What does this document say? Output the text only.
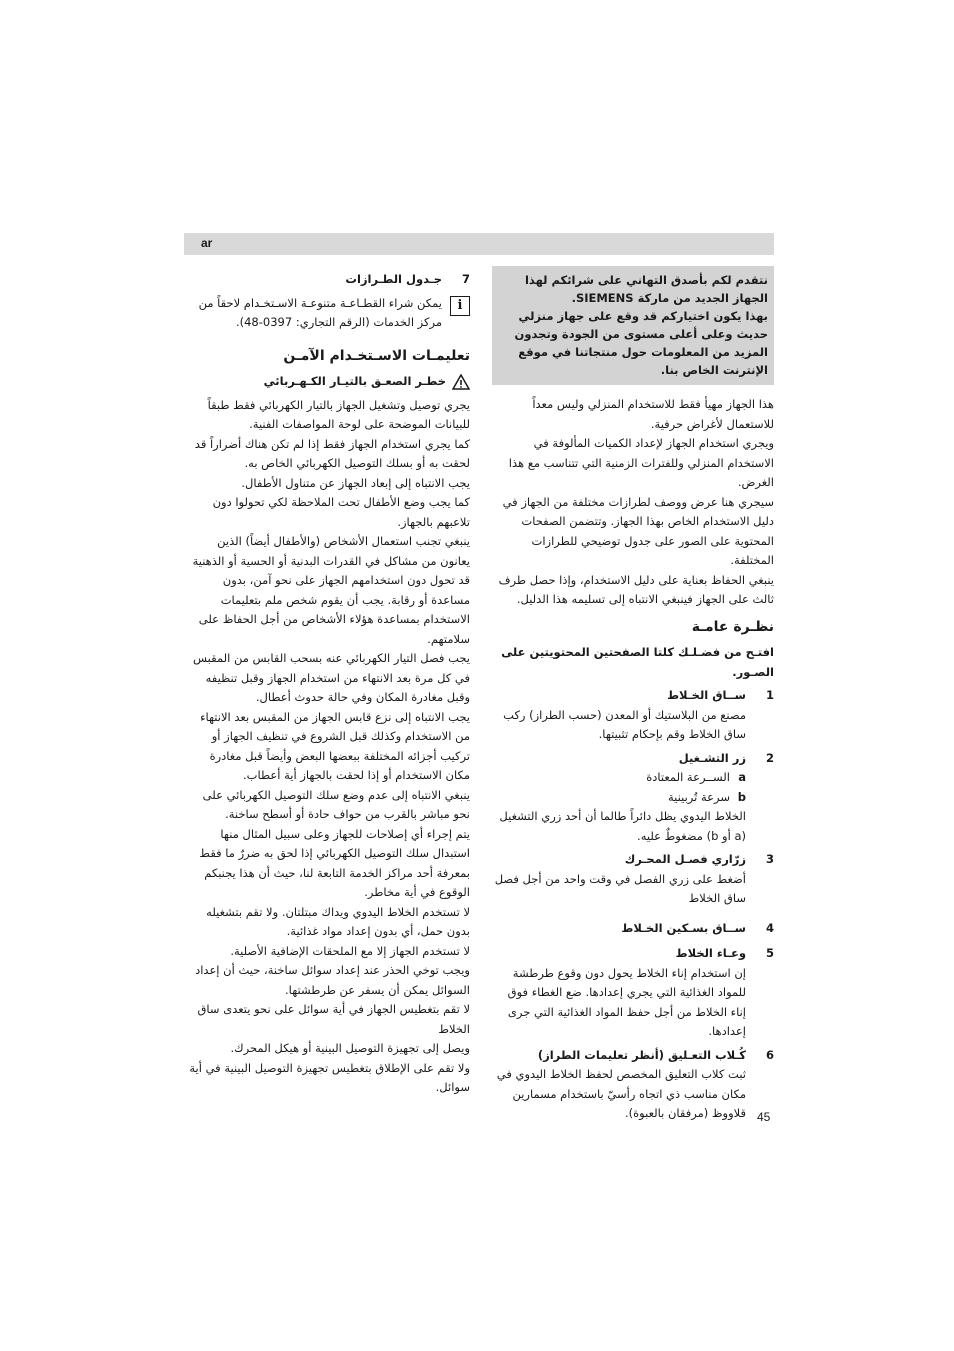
ar

نتقدم لكم بأصدق التهاني على شرائكم لهذا الجهاز الجديد من ماركة SIEMENS.

بهذا يكون اختياركم قد وقع على جهاز منزلي حديث وعلى أعلى مستوى من الجودة وتجدون المزيد من المعلومات حول منتجاتنا في موقع الإنترنت الخاص بنا.

هذا الجهاز مهيأ فقط للاستخدام المنزلي وليس معداً للاستعمال لأغراض حرفية.

ويجري استخدام الجهاز لإعداد الكميات المألوفة في الاستخدام المنزلي وللفترات الزمنية التي تتناسب مع هذا الغرض.

سيجري هنا عرض ووصف لطرازات مختلفة من الجهاز في دليل الاستخدام الخاص بهذا الجهاز. وتتضمن الصفحات المحتوية على الصور على جدول توضيحي للطرازات المختلفة.

ينبغي الحفاظ بعناية على دليل الاستخدام، وإذا حصل طرف ثالث على الجهاز فينبغي الانتباه إلى تسليمه هذا الدليل.

نظـرة عامـة

افتـح من فضـلـك كلتا الصفحتين المحتويتين على الصـور.

1
ســاق الخـلاط

مصنع من البلاستيك أو المعدن (حسب الطراز) ركب ساق الخلاط وقم بإحكام تثبيتها.

2
زر التشـغيل
a
الســرعة المعتادة
b
سرعة تُربينية

الخلاط اليدوي يظل دائراً طالما أن أحد زري التشغيل (a أو b) مضغوطٌ عليه.

3
زرّاري فصـل المحـرك

أضغط على زري الفصل في وقت واحد من أجل فصل ساق الخلاط

4
ســاق بسـكين الخـلاط
5
وعـاء الخلاط

إن استخدام إناء الخلاط يحول دون وقوع طرطشة للمواد الغذائية التي يجري إعدادها. ضع الغطاء فوق إناء الخلاط من أجل حفظ المواد الغذائية التي جرى إعدادها.

6
كُـلاب التعـليق (أنظر تعليمات الطراز)

ثبت كلاب التعليق المخصص لحفظ الخلاط اليدوي في مكان مناسب ذي اتجاه رأسيّ باستخدام مسمارين قلاووظ (مرفقان بالعبوة).

7
جـدول الطـرازات
i

يمكن شراء القطـاعـة متنوعـة الاسـتخـدام لاحقاً من مركز الخدمات (الرقم التجاري: 0397-48).

تعليمـات الاسـتخـدام الآمـن
خطـر الصعـق بالتيـار الكـهـربائي

يجري توصيل وتشغيل الجهاز بالتيار الكهربائي فقط طبقاً للبيانات الموضحة على لوحة المواصفات الفنية.

كما يجري استخدام الجهاز فقط إذا لم تكن هناك أضراراً قد لحقت به أو بسلك التوصيل الكهربائي الخاص به.

يجب الانتباه إلى إبعاد الجهاز عن متناول الأطفال.

كما يجب وضع الأطفال تحت الملاحظة لكي تحولوا دون تلاعبهم بالجهاز.

ينبغي تجنب استعمال الأشخاص (والأطفال أيضاً) الذين يعانون من مشاكل في القدرات البدنية أو الحسية أو الذهنية قد تحول دون استخدامهم الجهاز على نحو آمن، بدون مساعدة أو رقابة. يجب أن يقوم شخص ملم بتعليمات الاستخدام بمساعدة هؤلاء الأشخاص من أجل الحفاظ على سلامتهم.

يجب فصل التيار الكهربائي عنه بسحب القابس من المقبس في كل مرة بعد الانتهاء من استخدام الجهاز وقبل تنظيفه وقبل مغادرة المكان وفي حالة حدوث أعطال.

يجب الانتباه إلى نزع قابس الجهاز من المقبس بعد الانتهاء من الاستخدام وكذلك قبل الشروع في تنظيف الجهاز أو تركيب أجزائه المختلفة ببعضها البعض وأيضاً قبل مغادرة مكان الاستخدام أو إذا لحقت بالجهاز أية أعطاب.

ينبغي الانتباه إلى عدم وضع سلك التوصيل الكهربائي على نحو مباشر بالقرب من حواف حادة أو أسطح ساخنة.

يتم إجراء أي إصلاحات للجهاز وعلى سبيل المثال منها استبدال سلك التوصيل الكهربائي إذا لحق به ضررٌ ما فقط بمعرفة أحد مراكز الخدمة التابعة لنا، حيث أن هذا يجنبكم الوقوع في أية مخاطر.

لا تستخدم الخلاط اليدوي ويداك مبتلتان. ولا تقم بتشغيله بدون حمل، أي بدون إعداد مواد غذائية.

لا تستخدم الجهاز إلا مع الملحقات الإضافية الأصلية.

ويجب توخي الحذر عند إعداد سوائل ساخنة، حيث أن إعداد السوائل يمكن أن يسفر عن طرطشتها.

لا تقم بتغطيس الجهاز في أية سوائل على نحو يتعدى ساق الخلاط

ويصل إلى تجهيزة التوصيل البينية أو هيكل المحرك.

ولا تقم على الإطلاق بتغطيس تجهيزة التوصيل البينية في أية سوائل.

45
